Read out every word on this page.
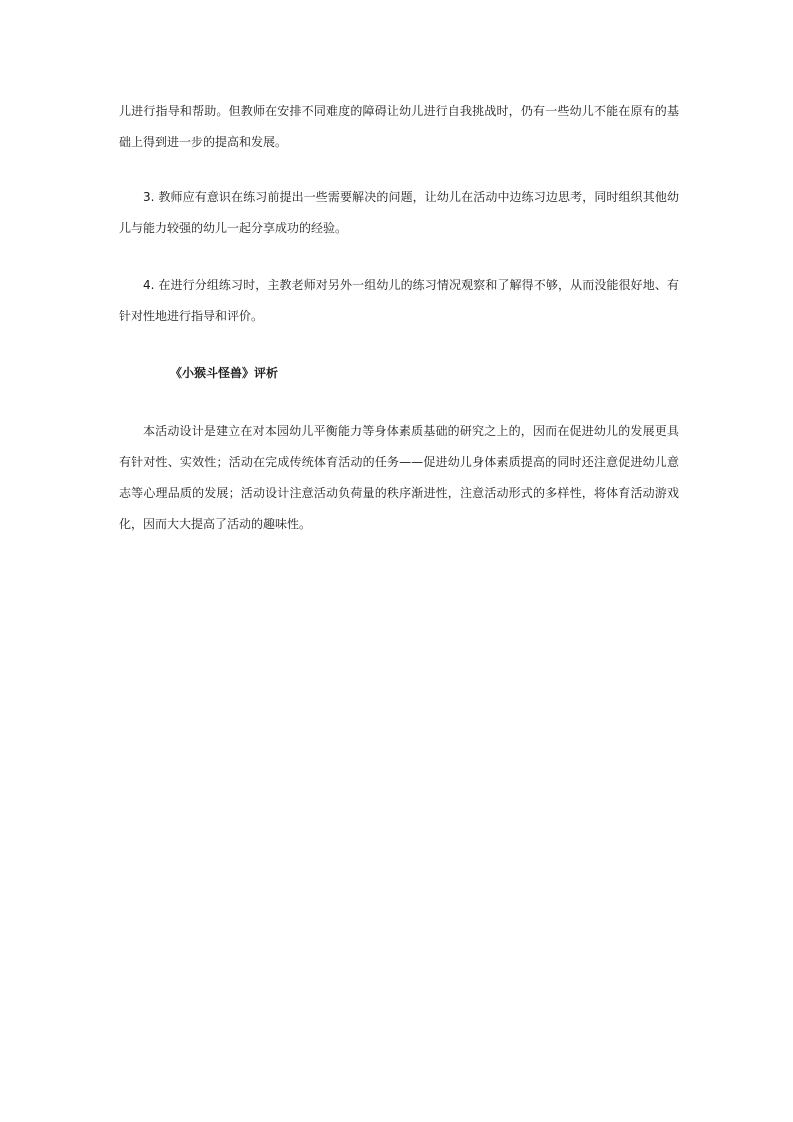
儿进行指导和帮助。但教师在安排不同难度的障碍让幼儿进行自我挑战时，仍有一些幼儿不能在原有的基础上得到进一步的提高和发展。

3. 教师应有意识在练习前提出一些需要解决的问题，让幼儿在活动中边练习边思考，同时组织其他幼儿与能力较强的幼儿一起分享成功的经验。

4. 在进行分组练习时，主教老师对另外一组幼儿的练习情况观察和了解得不够，从而没能很好地、有针对性地进行指导和评价。

《小猴斗怪兽》评析

本活动设计是建立在对本园幼儿平衡能力等身体素质基础的研究之上的，因而在促进幼儿的发展更具有针对性、实效性；活动在完成传统体育活动的任务——促进幼儿身体素质提高的同时还注意促进幼儿意志等心理品质的发展；活动设计注意活动负荷量的秩序渐进性，注意活动形式的多样性，将体育活动游戏化，因而大大提高了活动的趣味性。
